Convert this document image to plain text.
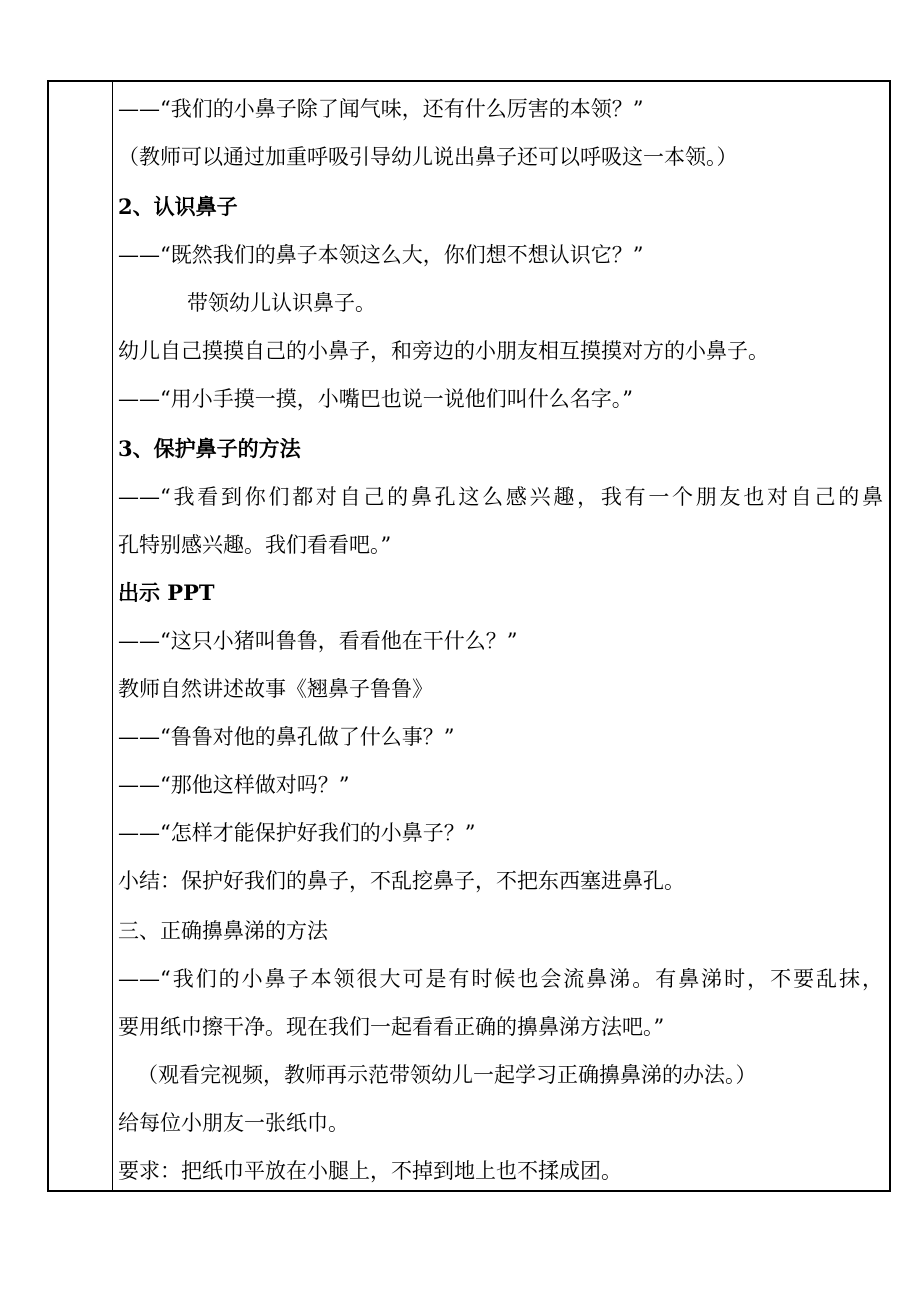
——“我们的小鼻子除了闻气味，还有什么厉害的本领？”
（教师可以通过加重呼吸引导幼儿说出鼻子还可以呼吸这一本领。）
2、认识鼻子
——“既然我们的鼻子本领这么大，你们想不想认识它？”
带领幼儿认识鼻子。
幼儿自己摸摸自己的小鼻子，和旁边的小朋友相互摸摸对方的小鼻子。
——“用小手摸一摸，小嘴巴也说一说他们叫什么名字。”
3、保护鼻子的方法
——“我看到你们都对自己的鼻孔这么感兴趣，我有一个朋友也对自己的鼻
孔特别感兴趣。我们看看吧。”
出示 PPT
——“这只小猪叫鲁鲁，看看他在干什么？”
教师自然讲述故事《翘鼻子鲁鲁》
——“鲁鲁对他的鼻孔做了什么事？”
——“那他这样做对吗？”
——“怎样才能保护好我们的小鼻子？”
小结：保护好我们的鼻子，不乱挖鼻子，不把东西塞进鼻孔。
三、正确擤鼻涕的方法
——“我们的小鼻子本领很大可是有时候也会流鼻涕。有鼻涕时，不要乱抹，
要用纸巾擦干净。现在我们一起看看正确的擤鼻涕方法吧。”
（观看完视频，教师再示范带领幼儿一起学习正确擤鼻涕的办法。）
给每位小朋友一张纸巾。
要求：把纸巾平放在小腿上，不掉到地上也不揉成团。
